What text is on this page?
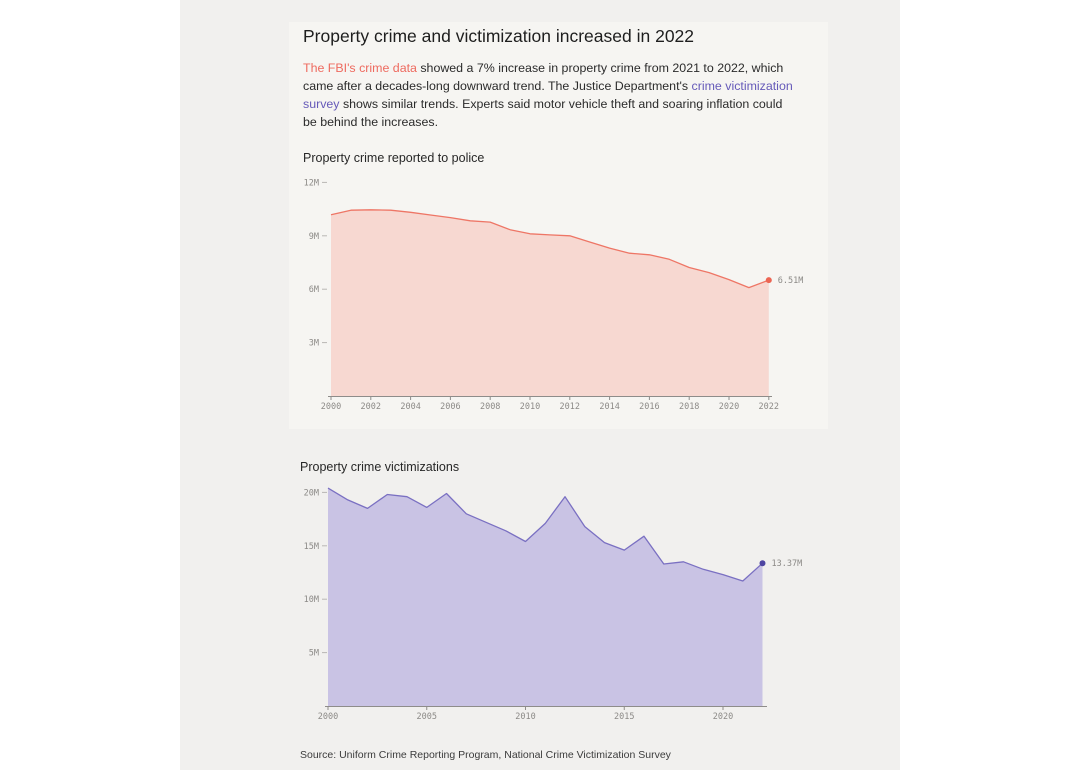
Property crime and victimization increased in 2022

The FBI's crime data showed a 7% increase in property crime from 2021 to 2022, which came after a decades-long downward trend. The Justice Department's crime victimization survey shows similar trends. Experts said motor vehicle theft and soaring inflation could be behind the increases.

Property crime reported to police

3M
6M
9M
12M
2000 2002 2004 2006 2008 2010 2012 2014 2016 2018 2020 2022
6.51M

Property crime victimizations

5M
10M
15M
20M
2000	2005	2010	2015	2020
13.37M

Source: Uniform Crime Reporting Program, National Crime Victimization Survey
